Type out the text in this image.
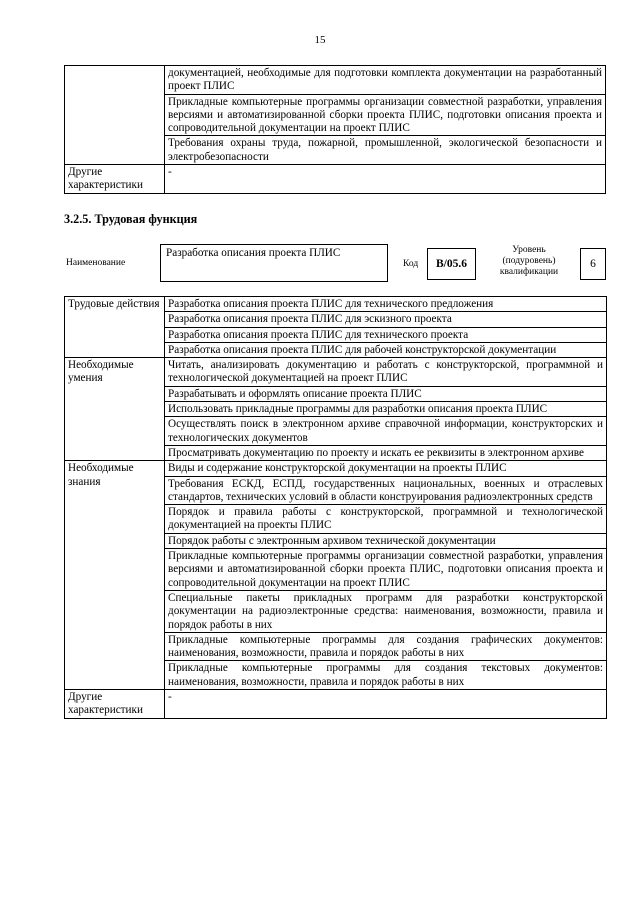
15
	документацией, необходимые для подготовки комплекта документации на разработанный проект ПЛИС
	Прикладные компьютерные программы организации совместной разработки, управления версиями и автоматизированной сборки проекта ПЛИС, подготовки описания проекта и сопроводительной документации на проект ПЛИС
	Требования охраны труда, пожарной, промышленной, экологической безопасности и электробезопасности
Другие характеристики	-
3.2.5. Трудовая функция
Наименование
Разработка описания проекта ПЛИС
Код	В/05.6
Уровень (подуровень) квалификации
6
Трудовые действия	Разработка описания проекта ПЛИС для технического предложения
	Разработка описания проекта ПЛИС для эскизного проекта
	Разработка описания проекта ПЛИС для технического проекта
	Разработка описания проекта ПЛИС для рабочей конструкторской документации
Необходимые умения	Читать, анализировать документацию и работать с конструкторской, программной и технологической документацией на проект ПЛИС
	Разрабатывать и оформлять описание проекта ПЛИС
	Использовать прикладные программы для разработки описания проекта ПЛИС
	Осуществлять поиск в электронном архиве справочной информации, конструкторских и технологических документов
	Просматривать документацию по проекту и искать ее реквизиты в электронном архиве
Необходимые знания	Виды и содержание конструкторской документации на проекты ПЛИС
	Требования ЕСКД, ЕСПД, государственных национальных, военных и отраслевых стандартов, технических условий в области конструирования радиоэлектронных средств
	Порядок и правила работы с конструкторской, программной и технологической документацией на проекты ПЛИС
	Порядок работы с электронным архивом технической документации
	Прикладные компьютерные программы организации совместной разработки, управления версиями и автоматизированной сборки проекта ПЛИС, подготовки описания проекта и сопроводительной документации на проект ПЛИС
	Специальные пакеты прикладных программ для разработки конструкторской документации на радиоэлектронные средства: наименования, возможности, правила и порядок работы в них
	Прикладные компьютерные программы для создания графических документов: наименования, возможности, правила и порядок работы в них
	Прикладные компьютерные программы для создания текстовых документов: наименования, возможности, правила и порядок работы в них
Другие характеристики	-
